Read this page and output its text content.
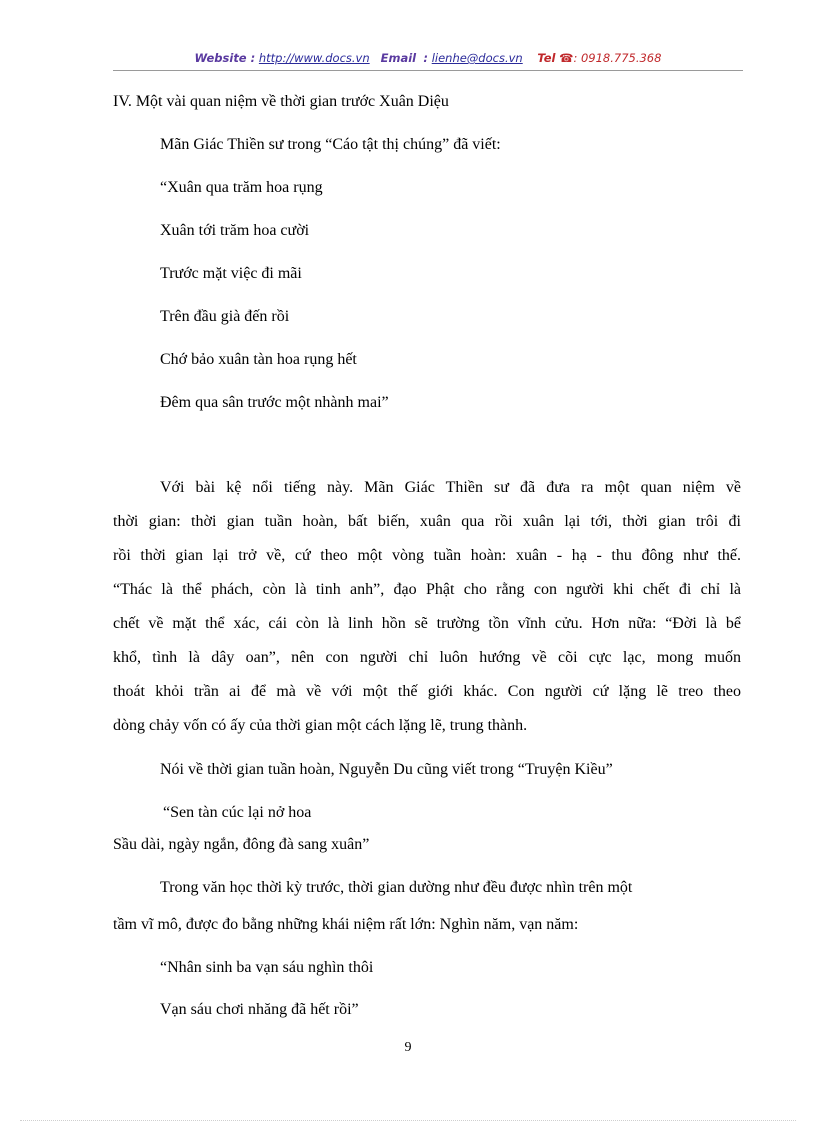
Website : http://www.docs.vn Email : lienhe@docs.vn Tel ☎: 0918.775.368
IV. Một vài quan niệm về thời gian trước Xuân Diệu
Mãn Giác Thiền sư trong “Cáo tật thị chúng” đã viết:
“Xuân qua trăm hoa rụng
Xuân tới trăm hoa cười
Trước mặt việc đi mãi
Trên đầu già đến rồi
Chớ bảo xuân tàn hoa rụng hết
Đêm qua sân trước một nhành mai”
Với bài kệ nổi tiếng này. Mãn Giác Thiền sư đã đưa ra một quan niệm về
thời gian: thời gian tuần hoàn, bất biến, xuân qua rồi xuân lại tới, thời gian trôi đi
rồi thời gian lại trở về, cứ theo một vòng tuần hoàn: xuân - hạ - thu đông như thế.
“Thác là thể phách, còn là tinh anh”, đạo Phật cho rằng con người khi chết đi chỉ là
chết về mặt thể xác, cái còn là linh hồn sẽ trường tồn vĩnh cửu. Hơn nữa: “Đời là bể
khổ, tình là dây oan”, nên con người chỉ luôn hướng về cõi cực lạc, mong muốn
thoát khỏi trần ai để mà về với một thế giới khác. Con người cứ lặng lẽ treo theo
dòng chảy vốn có ấy của thời gian một cách lặng lẽ, trung thành.
Nói về thời gian tuần hoàn, Nguyễn Du cũng viết trong “Truyện Kiều”
“Sen tàn cúc lại nở hoa
Sầu dài, ngày ngắn, đông đà sang xuân”
Trong văn học thời kỳ trước, thời gian dường như đều được nhìn trên một
tầm vĩ mô, được đo bằng những khái niệm rất lớn: Nghìn năm, vạn năm:
“Nhân sinh ba vạn sáu nghìn thôi
Vạn sáu chơi nhăng đã hết rồi”
9
